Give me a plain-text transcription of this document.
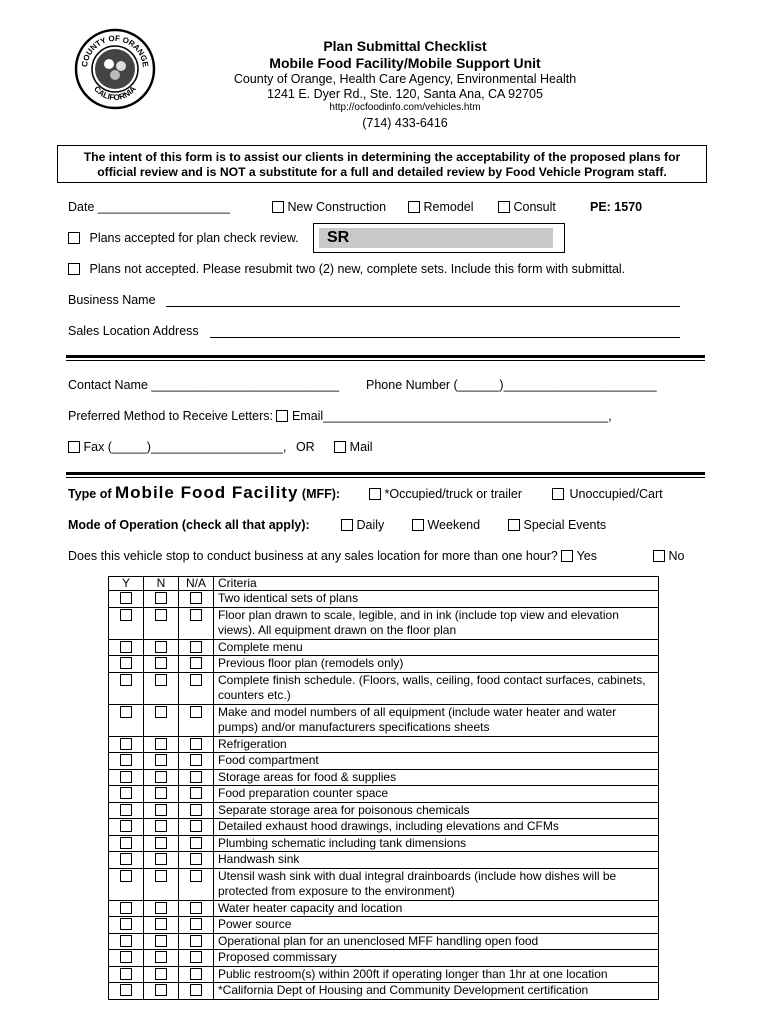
COUNTY OF ORANGE
CALIFORNIA
Plan Submittal Checklist
Mobile Food Facility/Mobile Support Unit
County of Orange, Health Care Agency, Environmental Health
1241 E. Dyer Rd., Ste. 120, Santa Ana, CA 92705
http://ocfoodinfo.com/vehicles.htm
(714) 433-6416
The intent of this form is to assist our clients in determining the acceptability of the proposed plans for
official review and is NOT a substitute for a full and detailed review by Food Vehicle Program staff.
Date ___________________	New Construction	Remodel	Consult	PE: 1570
Plans accepted for plan check review.	SR
Plans not accepted. Please resubmit two (2) new, complete sets. Include this form with submittal.
Business Name
Sales Location Address
Contact Name ___________________________ Phone Number (______)______________________
Preferred Method to Receive Letters: Email_________________________________________,
Fax (_____)___________________, OR	Mail
Type of Mobile Food Facility (MFF):	*Occupied/truck or trailer	Unoccupied/Cart
Mode of Operation (check all that apply):	Daily	Weekend	Special Events
Does this vehicle stop to conduct business at any sales location for more than one hour? Yes	No
Y	N	N/A	Criteria
			Two identical sets of plans
			Floor plan drawn to scale, legible, and in ink (include top view and elevation views). All equipment drawn on the floor plan
			Complete menu
			Previous floor plan (remodels only)
			Complete finish schedule. (Floors, walls, ceiling, food contact surfaces, cabinets, counters etc.)
			Make and model numbers of all equipment (include water heater and water pumps) and/or manufacturers specifications sheets
			Refrigeration
			Food compartment
			Storage areas for food & supplies
			Food preparation counter space
			Separate storage area for poisonous chemicals
			Detailed exhaust hood drawings, including elevations and CFMs
			Plumbing schematic including tank dimensions
			Handwash sink
			Utensil wash sink with dual integral drainboards (include how dishes will be protected from exposure to the environment)
			Water heater capacity and location
			Power source
			Operational plan for an unenclosed MFF handling open food
			Proposed commissary
			Public restroom(s) within 200ft if operating longer than 1hr at one location
			*California Dept of Housing and Community Development certification
